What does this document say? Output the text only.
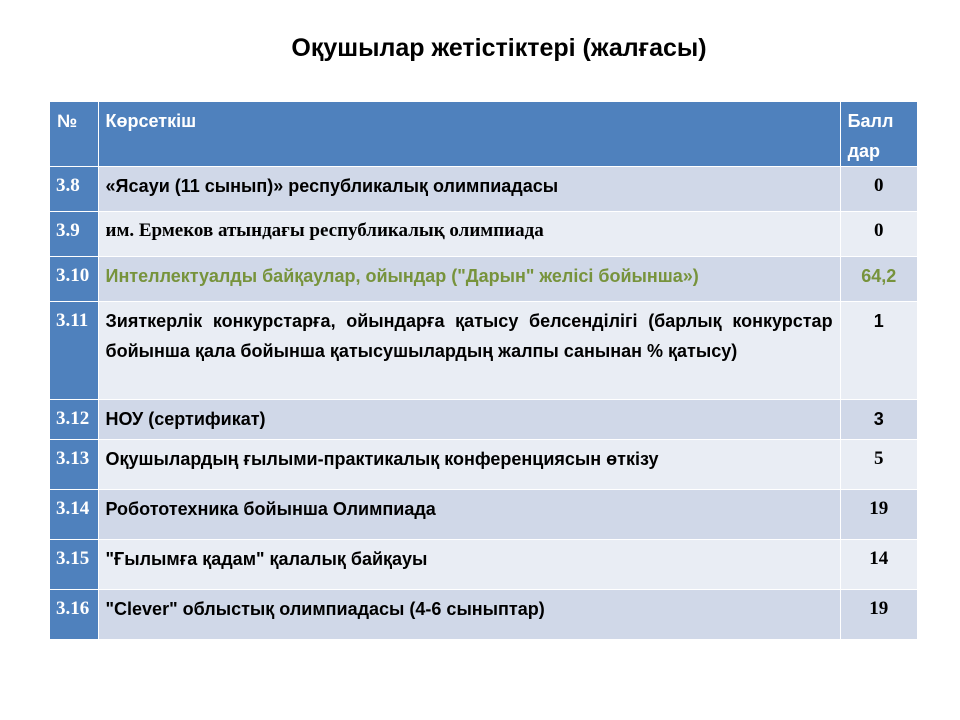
Оқушылар жетістіктері (жалғасы)
№	Көрсеткіш	Балл дар
3.8	«Ясауи (11 сынып)» республикалық олимпиадасы	0
3.9	им. Ермеков атындағы республикалық олимпиада	0
3.10	Интеллектуалды байқаулар, ойындар ("Дарын" желісі бойынша»)	64,2
3.11	Зияткерлік конкурстарға, ойындарға қатысу белсенділігі (барлық конкурстар бойынша қала бойынша қатысушылардың жалпы санынан % қатысу)	1
3.12	НОУ (сертификат)	3
3.13	Оқушылардың ғылыми-практикалық конференциясын өткізу	5
3.14	Робототехника бойынша Олимпиада	19
3.15	"Ғылымға қадам" қалалық байқауы	14
3.16	"Clever" облыстық олимпиадасы (4-6 сыныптар)	19
